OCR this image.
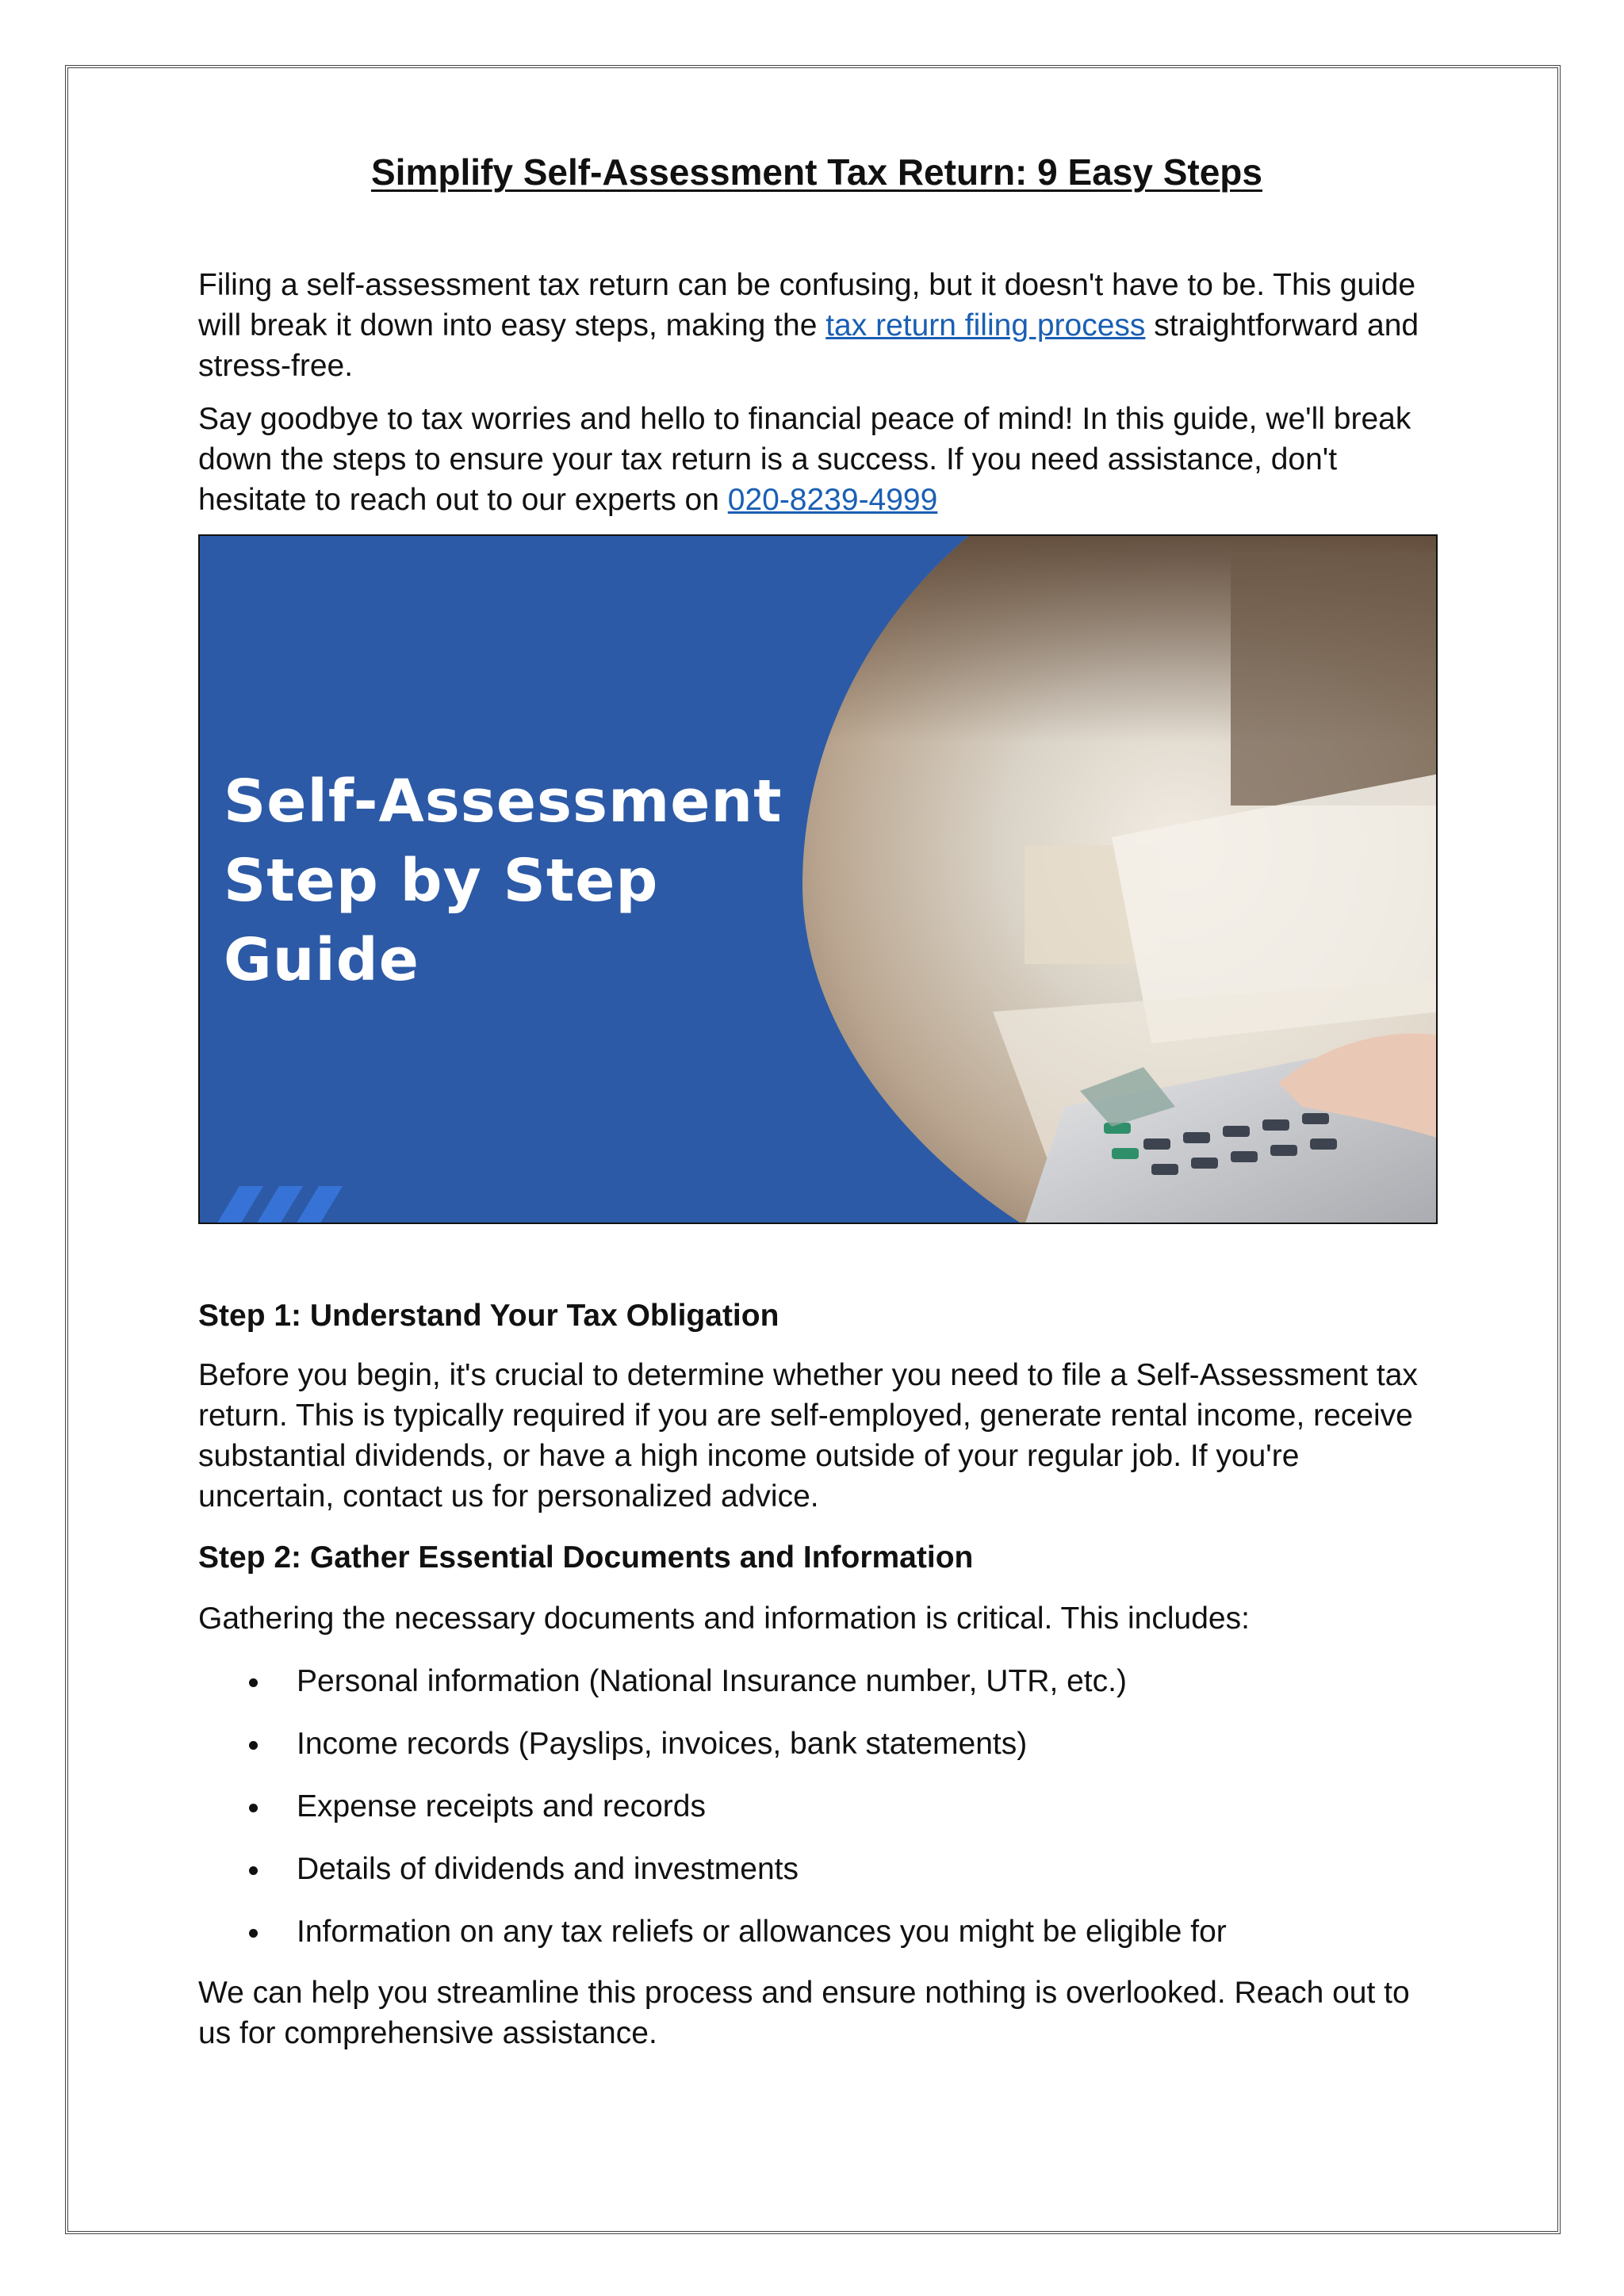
Simplify Self-Assessment Tax Return: 9 Easy Steps

Filing a self-assessment tax return can be confusing, but it doesn't have to be. This guide will break it down into easy steps, making the tax return filing process straightforward and stress-free.

Say goodbye to tax worries and hello to financial peace of mind! In this guide, we'll break down the steps to ensure your tax return is a success. If you need assistance, don't hesitate to reach out to our experts on 020-8239-4999

Self-Assessment
Step by Step
Guide
Step 1: Understand Your Tax Obligation

Before you begin, it's crucial to determine whether you need to file a Self-Assessment tax return. This is typically required if you are self-employed, generate rental income, receive substantial dividends, or have a high income outside of your regular job. If you're uncertain, contact us for personalized advice.

Step 2: Gather Essential Documents and Information

Gathering the necessary documents and information is critical. This includes:

Personal information (National Insurance number, UTR, etc.)
Income records (Payslips, invoices, bank statements)
Expense receipts and records
Details of dividends and investments
Information on any tax reliefs or allowances you might be eligible for

We can help you streamline this process and ensure nothing is overlooked. Reach out to us for comprehensive assistance.
